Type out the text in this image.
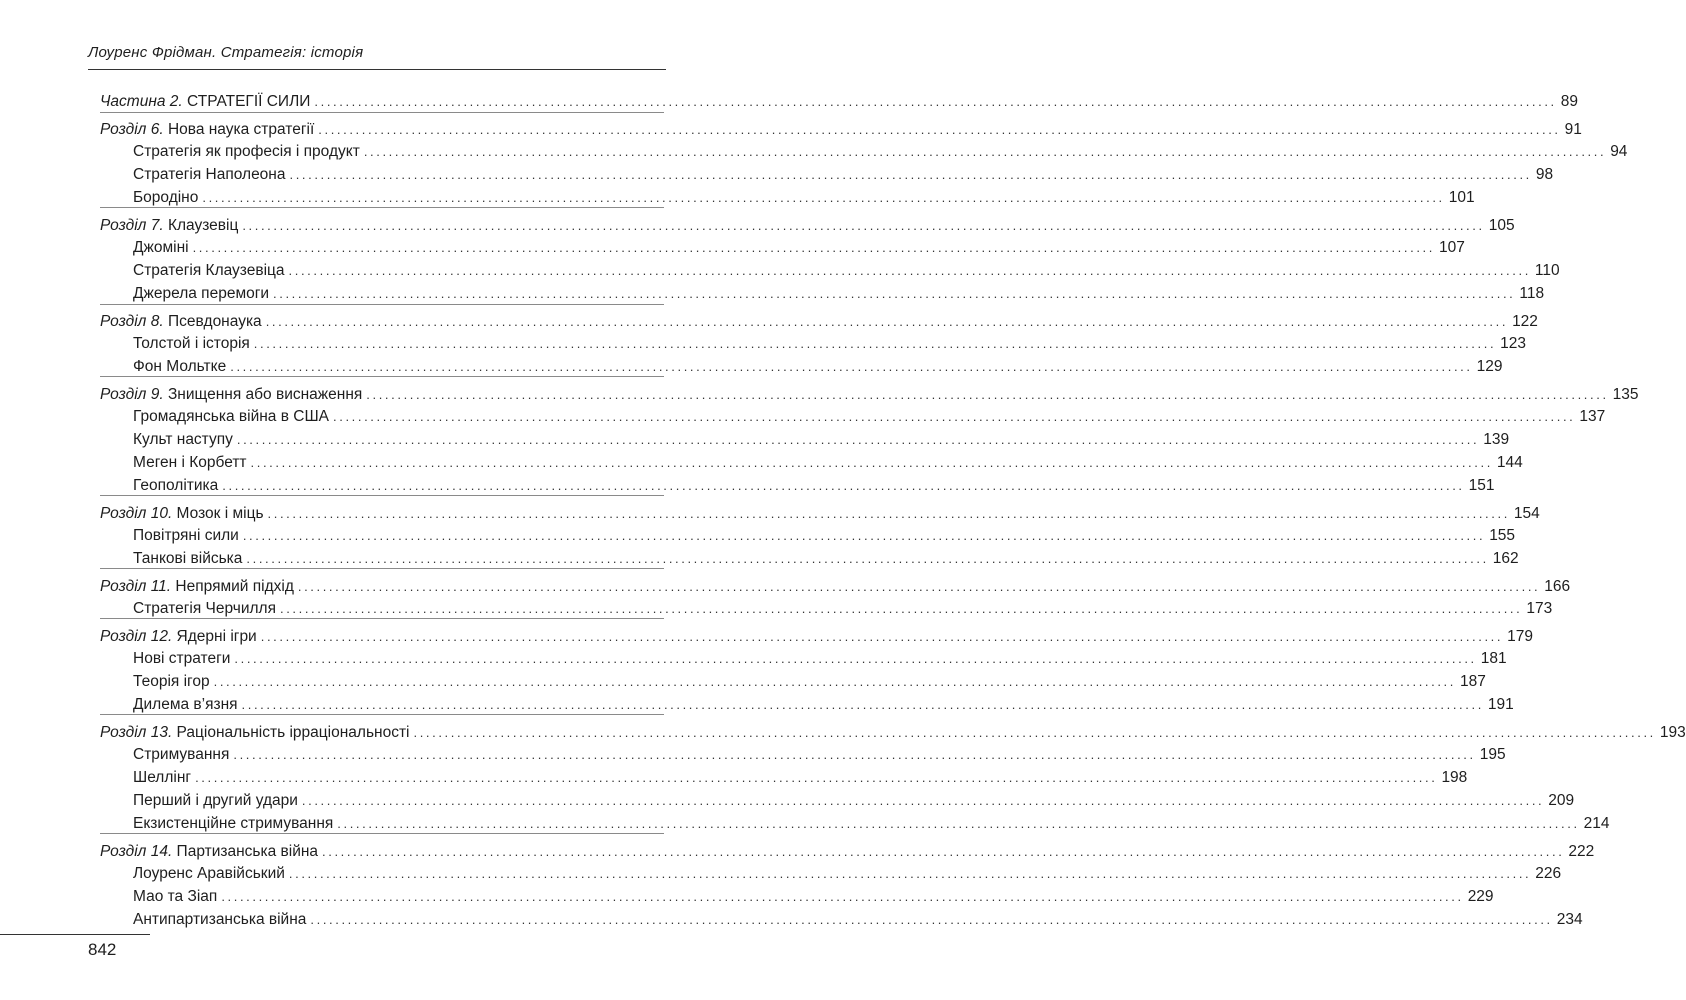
Лоуренс Фрідман. Стратегія: історія
Частина 2. СТРАТЕГІЇ СИЛИ ........................................................................................................................................................................................................ 89
Розділ 6. Нова наука стратегії ........................................................................................................................................................................................................ 91
Стратегія як професія і продукт ........................................................................................................................................................................................................ 94
Стратегія Наполеона ........................................................................................................................................................................................................ 98
Бородіно ........................................................................................................................................................................................................ 101
Розділ 7. Клаузевіц ........................................................................................................................................................................................................ 105
Джоміні ........................................................................................................................................................................................................ 107
Стратегія Клаузевіца ........................................................................................................................................................................................................ 110
Джерела перемоги ........................................................................................................................................................................................................ 118
Розділ 8. Псевдонаука ........................................................................................................................................................................................................ 122
Толстой і історія ........................................................................................................................................................................................................ 123
Фон Мольтке ........................................................................................................................................................................................................ 129
Розділ 9. Знищення або виснаження ........................................................................................................................................................................................................ 135
Громадянська війна в США ........................................................................................................................................................................................................ 137
Культ наступу ........................................................................................................................................................................................................ 139
Меген і Корбетт ........................................................................................................................................................................................................ 144
Геополітика ........................................................................................................................................................................................................ 151
Розділ 10. Мозок і міць ........................................................................................................................................................................................................ 154
Повітряні сили ........................................................................................................................................................................................................ 155
Танкові війська ........................................................................................................................................................................................................ 162
Розділ 11. Непрямий підхід ........................................................................................................................................................................................................ 166
Стратегія Черчилля ........................................................................................................................................................................................................ 173
Розділ 12. Ядерні ігри ........................................................................................................................................................................................................ 179
Нові стратеги ........................................................................................................................................................................................................ 181
Теорія ігор ........................................................................................................................................................................................................ 187
Дилема в’язня ........................................................................................................................................................................................................ 191
Розділ 13. Раціональність ірраціональності ........................................................................................................................................................................................................ 193
Стримування ........................................................................................................................................................................................................ 195
Шеллінг ........................................................................................................................................................................................................ 198
Перший і другий удари ........................................................................................................................................................................................................ 209
Екзистенційне стримування ........................................................................................................................................................................................................ 214
Розділ 14. Партизанська війна ........................................................................................................................................................................................................ 222
Лоуренс Аравійський ........................................................................................................................................................................................................ 226
Мао та Зіап ........................................................................................................................................................................................................ 229
Антипартизанська війна ........................................................................................................................................................................................................ 234
842
